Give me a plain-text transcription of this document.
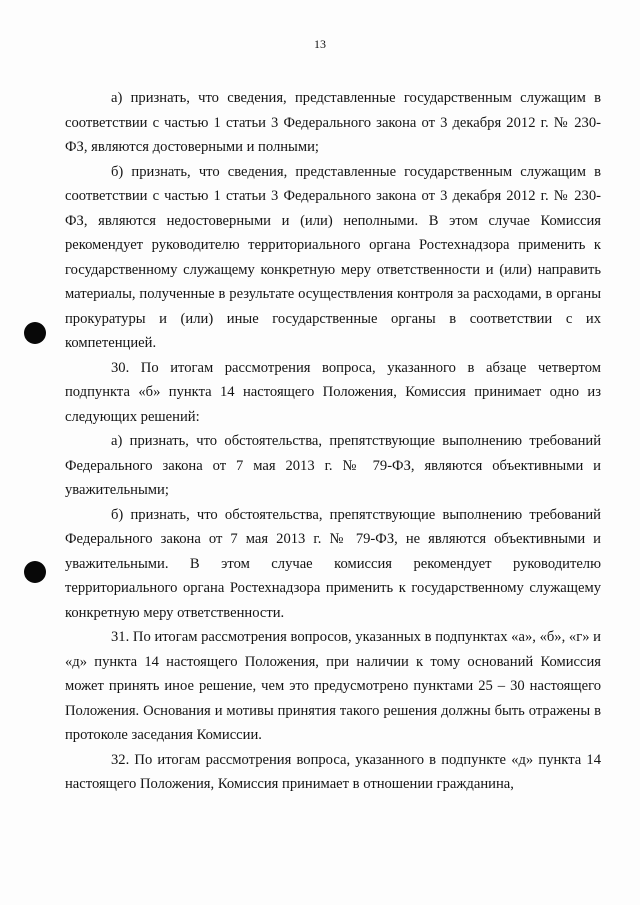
13

а) признать, что сведения, представленные государственным служащим в соответствии с частью 1 статьи 3 Федерального закона от 3 декабря 2012 г. № 230-ФЗ, являются достоверными и полными;

б) признать, что сведения, представленные государственным служащим в соответствии с частью 1 статьи 3 Федерального закона от 3 декабря 2012 г. № 230-ФЗ, являются недостоверными и (или) неполными. В этом случае Комиссия рекомендует руководителю территориального органа Ростехнадзора применить к государственному служащему конкретную меру ответственности и (или) направить материалы, полученные в результате осуществления контроля за расходами, в органы прокуратуры и (или) иные государственные органы в соответствии с их компетенцией.

30. По итогам рассмотрения вопроса, указанного в абзаце четвертом подпункта «б» пункта 14 настоящего Положения, Комиссия принимает одно из следующих решений:

а) признать, что обстоятельства, препятствующие выполнению требований Федерального закона от 7 мая 2013 г. № 79-ФЗ, являются объективными и уважительными;

б) признать, что обстоятельства, препятствующие выполнению требований Федерального закона от 7 мая 2013 г. № 79-ФЗ, не являются объективными и уважительными. В этом случае комиссия рекомендует руководителю территориального органа Ростехнадзора применить к государственному служащему конкретную меру ответственности.

31. По итогам рассмотрения вопросов, указанных в подпунктах «а», «б», «г» и «д» пункта 14 настоящего Положения, при наличии к тому оснований Комиссия может принять иное решение, чем это предусмотрено пунктами 25 – 30 настоящего Положения. Основания и мотивы принятия такого решения должны быть отражены в протоколе заседания Комиссии.

32. По итогам рассмотрения вопроса, указанного в подпункте «д» пункта 14 настоящего Положения, Комиссия принимает в отношении гражданина,
